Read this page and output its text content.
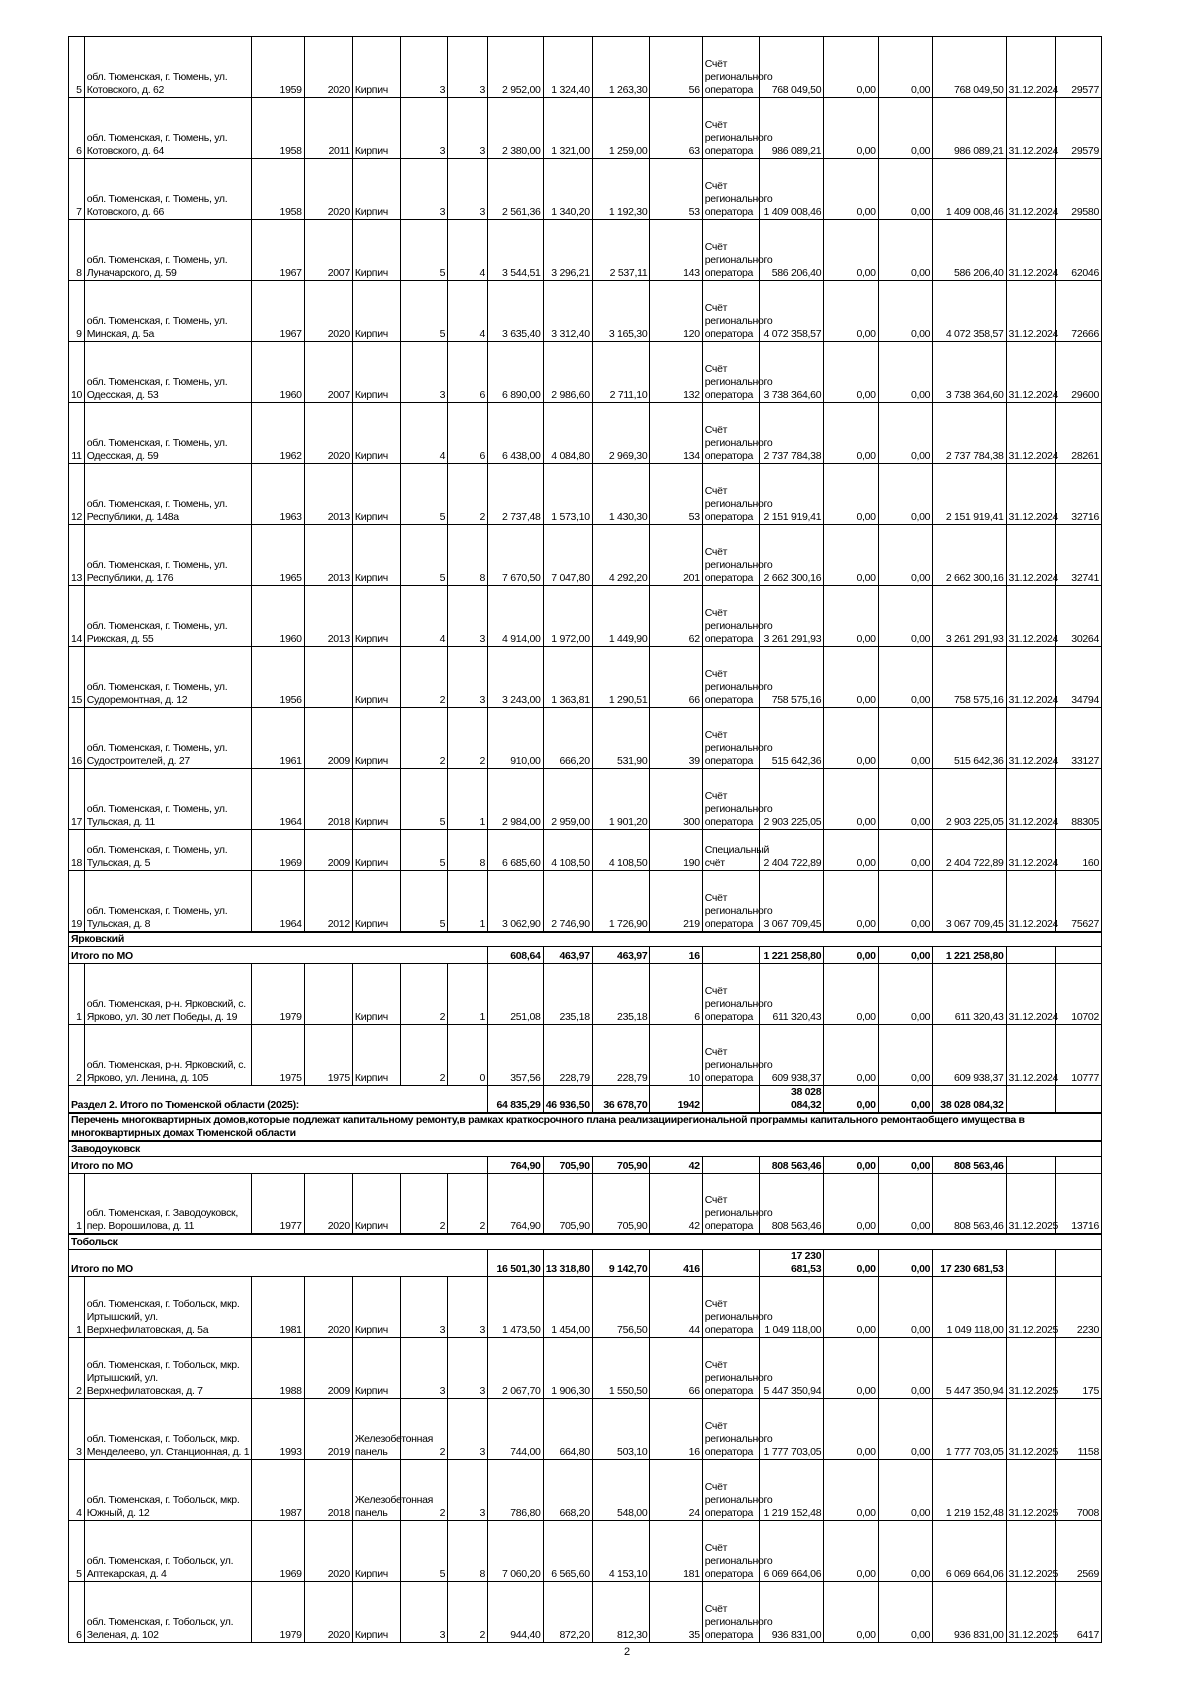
5	обл. Тюменская, г. Тюмень, ул. Котовского, д. 62	1959	2020	Кирпич	3	3	2 952,00	1 324,40	1 263,30	56	Счёт регионального оператора	768 049,50	0,00	0,00	768 049,50	31.12.2024	29577
6	обл. Тюменская, г. Тюмень, ул. Котовского, д. 64	1958	2011	Кирпич	3	3	2 380,00	1 321,00	1 259,00	63	Счёт регионального оператора	986 089,21	0,00	0,00	986 089,21	31.12.2024	29579
7	обл. Тюменская, г. Тюмень, ул. Котовского, д. 66	1958	2020	Кирпич	3	3	2 561,36	1 340,20	1 192,30	53	Счёт регионального оператора	1 409 008,46	0,00	0,00	1 409 008,46	31.12.2024	29580
8	обл. Тюменская, г. Тюмень, ул. Луначарского, д. 59	1967	2007	Кирпич	5	4	3 544,51	3 296,21	2 537,11	143	Счёт регионального оператора	586 206,40	0,00	0,00	586 206,40	31.12.2024	62046
9	обл. Тюменская, г. Тюмень, ул. Минская, д. 5а	1967	2020	Кирпич	5	4	3 635,40	3 312,40	3 165,30	120	Счёт регионального оператора	4 072 358,57	0,00	0,00	4 072 358,57	31.12.2024	72666
10	обл. Тюменская, г. Тюмень, ул. Одесская, д. 53	1960	2007	Кирпич	3	6	6 890,00	2 986,60	2 711,10	132	Счёт регионального оператора	3 738 364,60	0,00	0,00	3 738 364,60	31.12.2024	29600
11	обл. Тюменская, г. Тюмень, ул. Одесская, д. 59	1962	2020	Кирпич	4	6	6 438,00	4 084,80	2 969,30	134	Счёт регионального оператора	2 737 784,38	0,00	0,00	2 737 784,38	31.12.2024	28261
12	обл. Тюменская, г. Тюмень, ул. Республики, д. 148а	1963	2013	Кирпич	5	2	2 737,48	1 573,10	1 430,30	53	Счёт регионального оператора	2 151 919,41	0,00	0,00	2 151 919,41	31.12.2024	32716
13	обл. Тюменская, г. Тюмень, ул. Республики, д. 176	1965	2013	Кирпич	5	8	7 670,50	7 047,80	4 292,20	201	Счёт регионального оператора	2 662 300,16	0,00	0,00	2 662 300,16	31.12.2024	32741
14	обл. Тюменская, г. Тюмень, ул. Рижская, д. 55	1960	2013	Кирпич	4	3	4 914,00	1 972,00	1 449,90	62	Счёт регионального оператора	3 261 291,93	0,00	0,00	3 261 291,93	31.12.2024	30264
15	обл. Тюменская, г. Тюмень, ул. Судоремонтная, д. 12	1956		Кирпич	2	3	3 243,00	1 363,81	1 290,51	66	Счёт регионального оператора	758 575,16	0,00	0,00	758 575,16	31.12.2024	34794
16	обл. Тюменская, г. Тюмень, ул. Судостроителей, д. 27	1961	2009	Кирпич	2	2	910,00	666,20	531,90	39	Счёт регионального оператора	515 642,36	0,00	0,00	515 642,36	31.12.2024	33127
17	обл. Тюменская, г. Тюмень, ул. Тульская, д. 11	1964	2018	Кирпич	5	1	2 984,00	2 959,00	1 901,20	300	Счёт регионального оператора	2 903 225,05	0,00	0,00	2 903 225,05	31.12.2024	88305
18	обл. Тюменская, г. Тюмень, ул. Тульская, д. 5	1969	2009	Кирпич	5	8	6 685,60	4 108,50	4 108,50	190	Специальный счёт	2 404 722,89	0,00	0,00	2 404 722,89	31.12.2024	160
19	обл. Тюменская, г. Тюмень, ул. Тульская, д. 8	1964	2012	Кирпич	5	1	3 062,90	2 746,90	1 726,90	219	Счёт регионального оператора	3 067 709,45	0,00	0,00	3 067 709,45	31.12.2024	75627
Ярковский																	
Итого по МО							608,64	463,97	463,97	16		1 221 258,80	0,00	0,00	1 221 258,80		
1	обл. Тюменская, р-н. Ярковский, с. Ярково, ул. 30 лет Победы, д. 19	1979		Кирпич	2	1	251,08	235,18	235,18	6	Счёт регионального оператора	611 320,43	0,00	0,00	611 320,43	31.12.2024	10702
2	обл. Тюменская, р-н. Ярковский, с. Ярково, ул. Ленина, д. 105	1975	1975	Кирпич	2	0	357,56	228,79	228,79	10	Счёт регионального оператора	609 938,37	0,00	0,00	609 938,37	31.12.2024	10777
Раздел 2. Итого по Тюменской области (2025):							64 835,29	46 936,50	36 678,70	1942		38 028 084,32	0,00	0,00	38 028 084,32		
Перечень многоквартирных домов,которые подлежат капитальному ремонту,в рамках краткосрочного плана реализациирегиональной программы капитального ремонтаобщего имущества в многоквартирных домах Тюменской области																	
Заводоуковск																	
Итого по МО							764,90	705,90	705,90	42		808 563,46	0,00	0,00	808 563,46		
1	обл. Тюменская, г. Заводоуковск, пер. Ворошилова, д. 11	1977	2020	Кирпич	2	2	764,90	705,90	705,90	42	Счёт регионального оператора	808 563,46	0,00	0,00	808 563,46	31.12.2025	13716
Тобольск																	
Итого по МО							16 501,30	13 318,80	9 142,70	416		17 230 681,53	0,00	0,00	17 230 681,53		
1	обл. Тюменская, г. Тобольск, мкр. Иртышский, ул. Верхнефилатовская, д. 5а	1981	2020	Кирпич	3	3	1 473,50	1 454,00	756,50	44	Счёт регионального оператора	1 049 118,00	0,00	0,00	1 049 118,00	31.12.2025	2230
2	обл. Тюменская, г. Тобольск, мкр. Иртышский, ул. Верхнефилатовская, д. 7	1988	2009	Кирпич	3	3	2 067,70	1 906,30	1 550,50	66	Счёт регионального оператора	5 447 350,94	0,00	0,00	5 447 350,94	31.12.2025	175
3	обл. Тюменская, г. Тобольск, мкр. Менделеево, ул. Станционная, д. 1	1993	2019	Железобетонная панель	2	3	744,00	664,80	503,10	16	Счёт регионального оператора	1 777 703,05	0,00	0,00	1 777 703,05	31.12.2025	1158
4	обл. Тюменская, г. Тобольск, мкр. Южный, д. 12	1987	2018	Железобетонная панель	2	3	786,80	668,20	548,00	24	Счёт регионального оператора	1 219 152,48	0,00	0,00	1 219 152,48	31.12.2025	7008
5	обл. Тюменская, г. Тобольск, ул. Аптекарская, д. 4	1969	2020	Кирпич	5	8	7 060,20	6 565,60	4 153,10	181	Счёт регионального оператора	6 069 664,06	0,00	0,00	6 069 664,06	31.12.2025	2569
6	обл. Тюменская, г. Тобольск, ул. Зеленая, д. 102	1979	2020	Кирпич	3	2	944,40	872,20	812,30	35	Счёт регионального оператора	936 831,00	0,00	0,00	936 831,00	31.12.2025	6417
2
